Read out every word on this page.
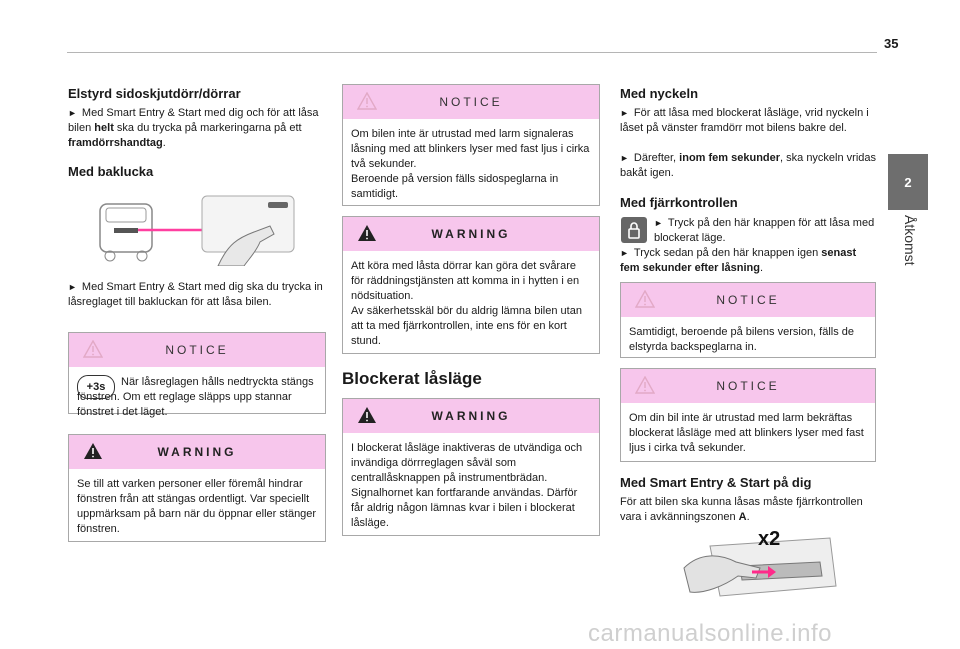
35
2
Åtkomst
Elstyrd sidoskjutdörr/dörrar

► Med Smart Entry & Start med dig och för att låsa bilen helt ska du trycka på markeringarna på ett framdörrshandtag.

Med baklucka

► Med Smart Entry & Start med dig ska du trycka in låsreglaget till bakluckan för att låsa bilen.

NOTICE
+3s	När låsreglagen hålls nedtryckta stängs fönstren. Om ett reglage släpps upp stannar fönstret i det läget.

WARNING

Se till att varken personer eller föremål hindrar fönstren från att stängas ordentligt. Var speciellt uppmärksam på barn när du öppnar eller stänger fönstren.

NOTICE

Om bilen inte är utrustad med larm signaleras låsning med att blinkers lyser med fast ljus i cirka två sekunder.
Beroende på version fälls sidospeglarna in samtidigt.

WARNING

Att köra med låsta dörrar kan göra det svårare för räddningstjänsten att komma in i hytten i en nödsituation.
Av säkerhetsskäl bör du aldrig lämna bilen utan att ta med fjärrkontrollen, inte ens för en kort stund.

Blockerat låsläge
WARNING

I blockerat låsläge inaktiveras de utvändiga och invändiga dörrreglagen såväl som centrallåsknappen på instrumentbrädan. Signalhornet kan fortfarande användas. Därför får aldrig någon lämnas kvar i bilen i blockerat låsläge.

Med nyckeln

► För att låsa med blockerat låsläge, vrid nyckeln i låset på vänster framdörr mot bilens bakre del.

► Därefter, inom fem sekunder, ska nyckeln vridas bakåt igen.

Med fjärrkontrollen

► Tryck på den här knappen för att låsa med blockerat läge.

► Tryck sedan på den här knappen igen senast fem sekunder efter låsning.

NOTICE

Samtidigt, beroende på bilens version, fälls de elstyrda backspeglarna in.

NOTICE

Om din bil inte är utrustad med larm bekräftas blockerat låsläge med att blinkers lyser med fast ljus i cirka två sekunder.

Med Smart Entry & Start på dig

För att bilen ska kunna låsas måste fjärrkontrollen vara i avkänningszonen A.

x2
carmanualsonline.info
